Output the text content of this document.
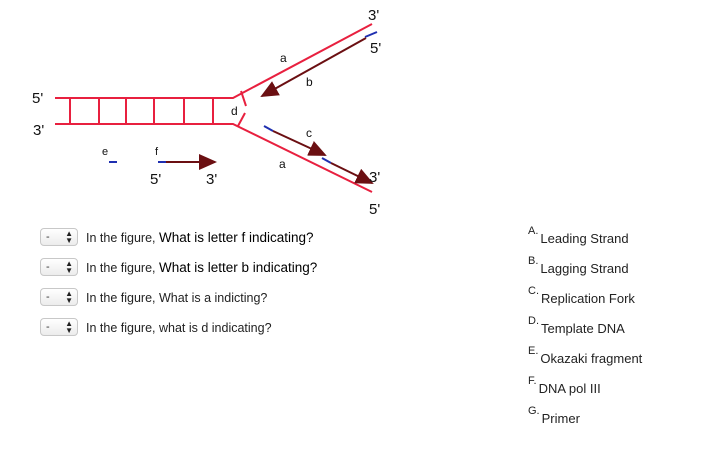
3'
5'
5'
3'
a
b
d
c
a
e	f
5'	3'	3'
5'
- ▲
▼ In the figure, What is letter f indicating?
- ▲
▼ In the figure, What is letter b indicating?
- ▲
▼ In the figure, What is a indicting?
- ▲
▼ In the figure, what is d indicating?
A. Leading Strand
B. Lagging Strand
C. Replication Fork
D. Template DNA
E. Okazaki fragment
F. DNA pol III
G. Primer
